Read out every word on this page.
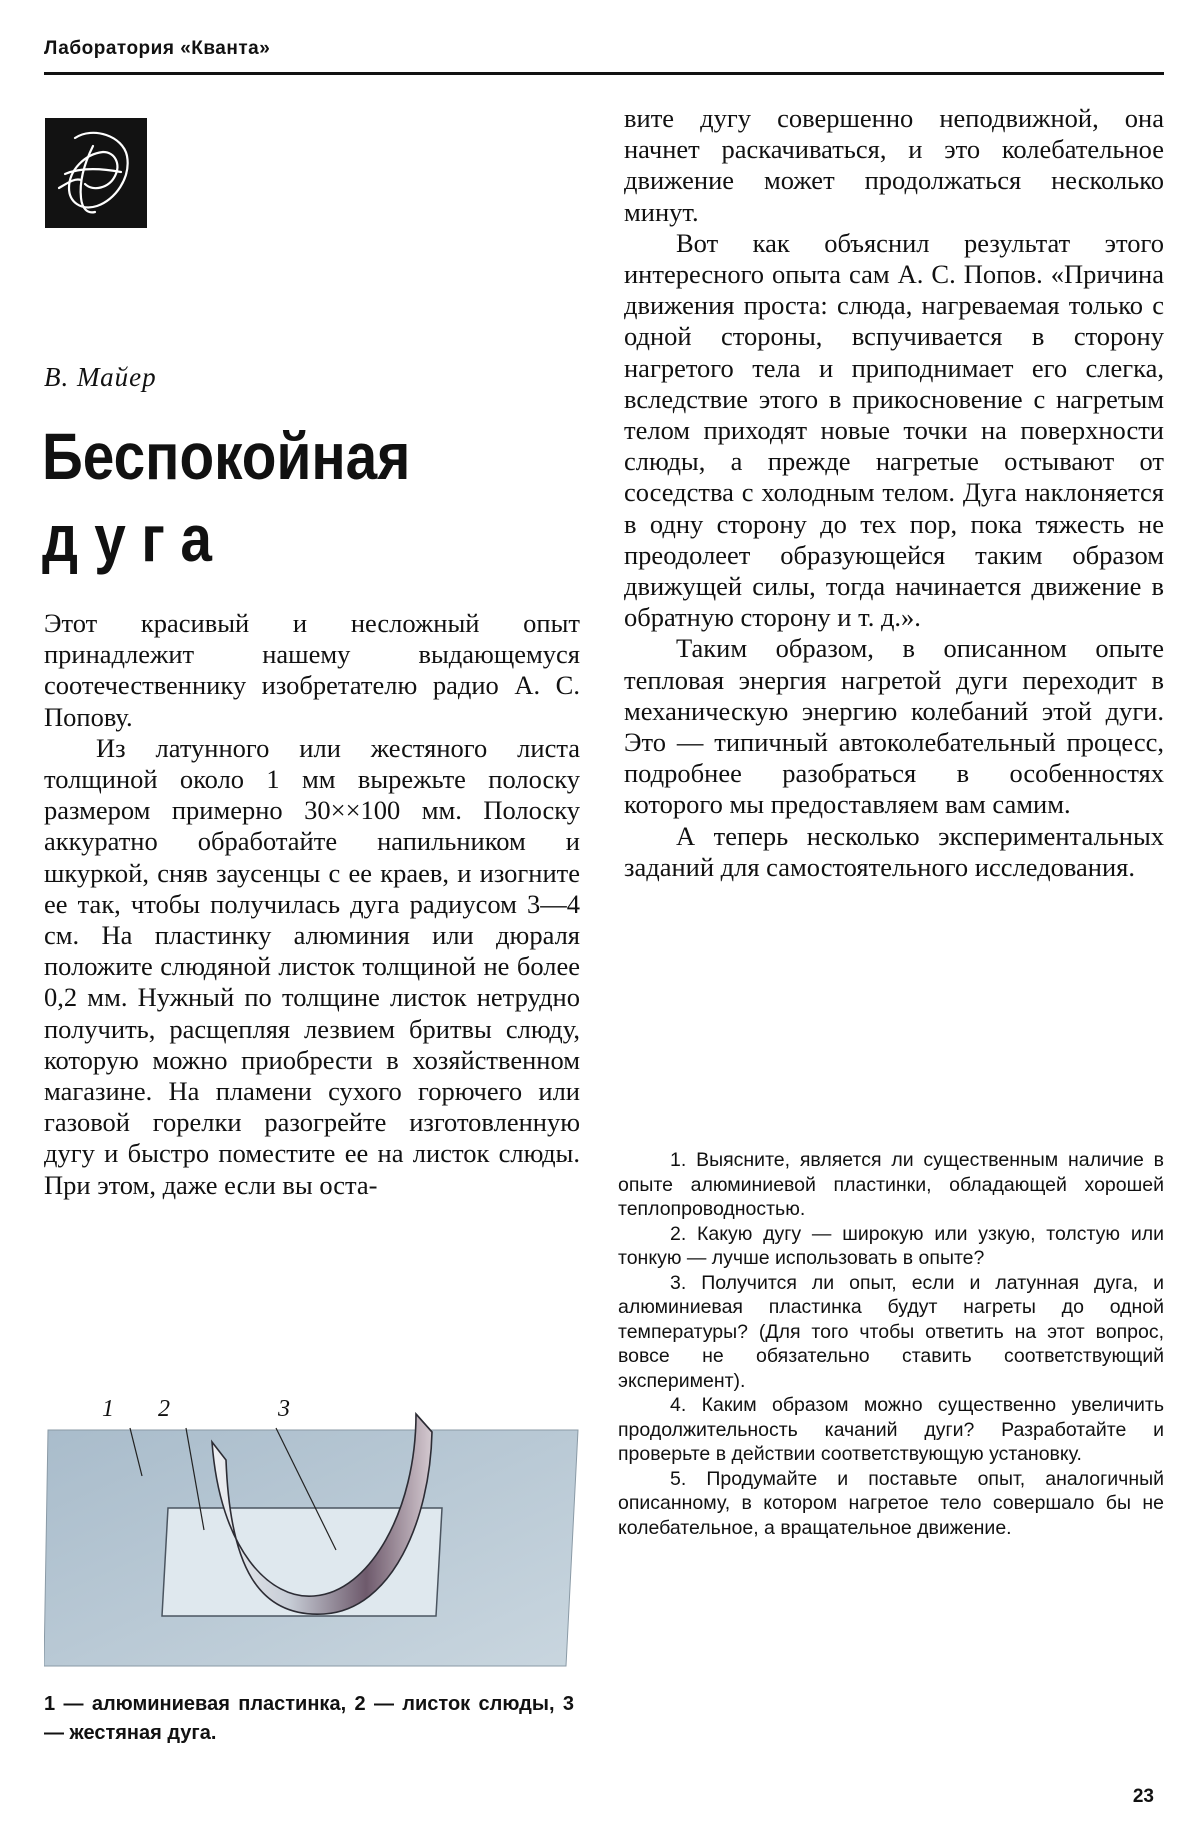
Лаборатория «Кванта»
В. Майер
Беспокойная
дуга

Этот красивый и несложный опыт принадлежит нашему выдающемуся соотечественнику изобретателю радио А. С. Попову.

Из латунного или жестяного листа толщиной около 1 мм вырежьте полоску размером примерно 30××100 мм. Полоску аккуратно обработайте напильником и шкуркой, сняв заусенцы с ее краев, и изогните ее так, чтобы получилась дуга радиусом 3—4 см. На пластинку алюминия или дюраля положите слюдяной листок толщиной не более 0,2 мм. Нужный по толщине листок нетрудно получить, расщепляя лезвием бритвы слюду, которую можно приобрести в хозяйственном магазине. На пламени сухого горючего или газовой горелки разогрейте изготовленную дугу и быстро поместите ее на листок слюды. При этом, даже если вы оста-

вите дугу совершенно неподвижной, она начнет раскачиваться, и это колебательное движение может продолжаться несколько минут.

Вот как объяснил результат этого интересного опыта сам А. С. Попов. «Причина движения проста: слюда, нагреваемая только с одной стороны, вспучивается в сторону нагретого тела и приподнимает его слегка, вследствие этого в прикосновение с нагретым телом приходят новые точки на поверхности слюды, а прежде нагретые остывают от соседства с холодным телом. Дуга наклоняется в одну сторону до тех пор, пока тяжесть не преодолеет образующейся таким образом движущей силы, тогда начинается движение в обратную сторону и т. д.».

Таким образом, в описанном опыте тепловая энергия нагретой дуги переходит в механическую энергию колебаний этой дуги. Это — типичный автоколебательный процесс, подробнее разобраться в особенностях которого мы предоставляем вам самим.

А теперь несколько экспериментальных заданий для самостоятельного исследования.

1. Выясните, является ли существенным наличие в опыте алюминиевой пластинки, обладающей хорошей теплопроводностью.

2. Какую дугу — широкую или узкую, толстую или тонкую — лучше использовать в опыте?

3. Получится ли опыт, если и латунная дуга, и алюминиевая пластинка будут нагреты до одной температуры? (Для того чтобы ответить на этот вопрос, вовсе не обязательно ставить соответствующий эксперимент).

4. Каким образом можно существенно увеличить продолжительность качаний дуги? Разработайте и проверьте в действии соответствующую установку.

5. Продумайте и поставьте опыт, аналогичный описанному, в котором нагретое тело совершало бы не колебательное, а вращательное движение.

1 2	3
1 — алюминиевая пластинка, 2 — листок слюды, 3 — жестяная дуга.
23
